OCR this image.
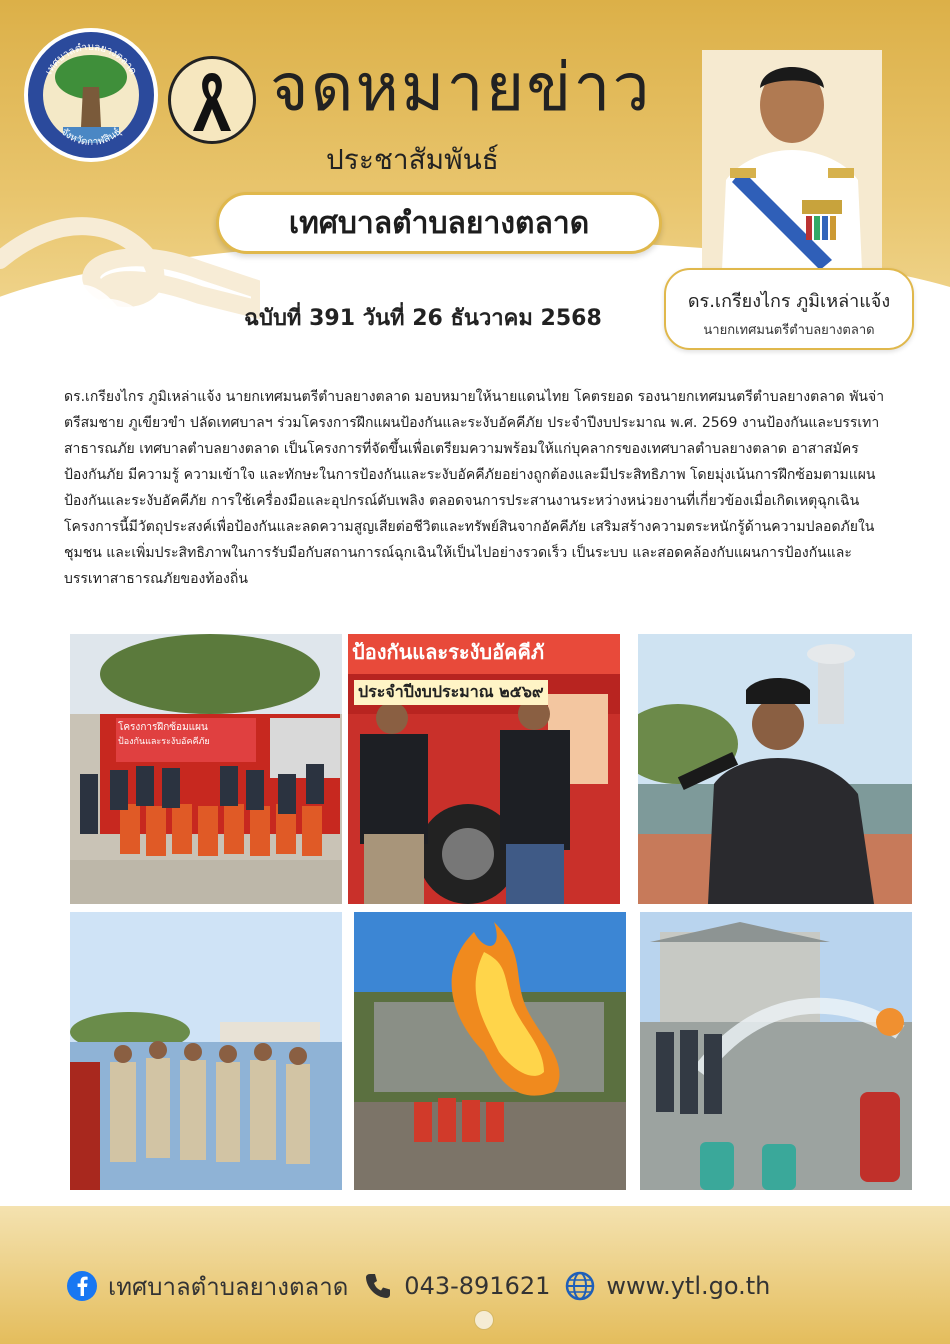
เทศบาลตำบลยางตลาด
จังหวัดกาฬสินธุ์
จดหมายข่าว
ประชาสัมพันธ์
เทศบาลตำบลยางตลาด
ฉบับที่ 391 วันที่ 26 ธันวาคม 2568
ดร.เกรียงไกร ภูมิเหล่าแจ้ง
นายกเทศมนตรีตำบลยางตลาด
ดร.เกรียงไกร ภูมิเหล่าแจ้ง นายกเทศมนตรีตำบลยางตลาด มอบหมายให้นายแดนไทย โคตรยอด รองนายกเทศมนตรีตำบลยางตลาด พันจ่าตรีสมชาย ภูเขียวขำ ปลัดเทศบาลฯ ร่วมโครงการฝึกแผนป้องกันและระงับอัคคีภัย ประจำปีงบประมาณ พ.ศ. 2569 งานป้องกันและบรรเทาสาธารณภัย เทศบาลตำบลยางตลาด เป็นโครงการที่จัดขึ้นเพื่อเตรียมความพร้อมให้แก่บุคลากรของเทศบาลตำบลยางตลาด อาสาสมัครป้องกันภัย มีความรู้ ความเข้าใจ และทักษะในการป้องกันและระงับอัคคีภัยอย่างถูกต้องและมีประสิทธิภาพ โดยมุ่งเน้นการฝึกซ้อมตามแผนป้องกันและระงับอัคคีภัย การใช้เครื่องมือและอุปกรณ์ดับเพลิง ตลอดจนการประสานงานระหว่างหน่วยงานที่เกี่ยวข้องเมื่อเกิดเหตุฉุกเฉิน โครงการนี้มีวัตถุประสงค์เพื่อป้องกันและลดความสูญเสียต่อชีวิตและทรัพย์สินจากอัคคีภัย เสริมสร้างความตระหนักรู้ด้านความปลอดภัยในชุมชน และเพิ่มประสิทธิภาพในการรับมือกับสถานการณ์ฉุกเฉินให้เป็นไปอย่างรวดเร็ว เป็นระบบ และสอดคล้องกับแผนการป้องกันและบรรเทาสาธารณภัยของท้องถิ่น
โครงการฝึกซ้อมแผน
ป้องกันและระงับอัคคีภัย
ป้องกันและระงับอัคคีภั
ประจำปีงบประมาณ ๒๕๖๙
เทศบาลตำบลยางตลาด 043-891621 www.ytl.go.th
